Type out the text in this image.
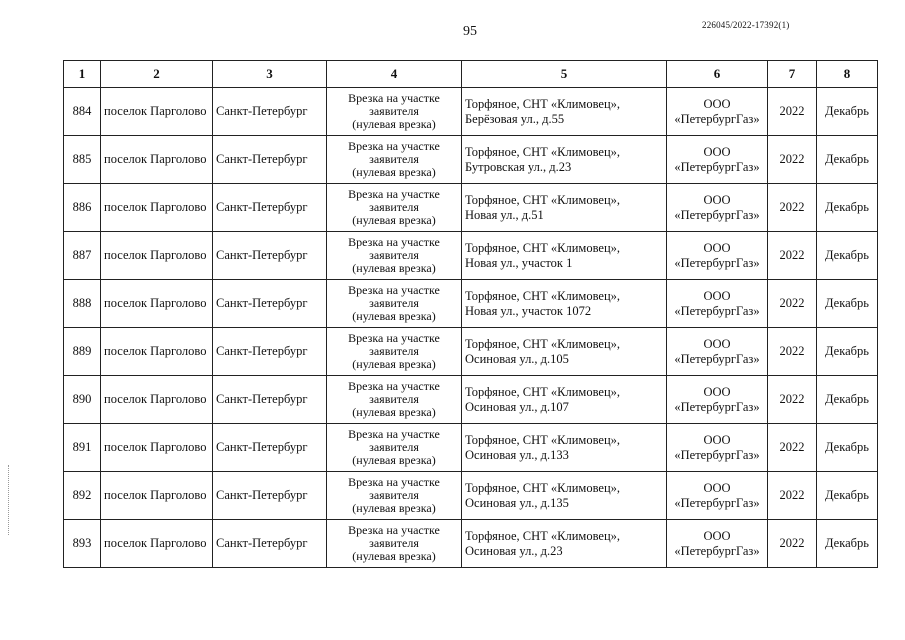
95	226045/2022-17392(1)
1	2	3	4	5	6	7	8
884	поселок Парголово	Санкт-Петербург	Врезка на участке
заявителя
(нулевая врезка)	Торфяное, СНТ «Климовец»,
Берёзовая ул., д.55	ООО
«ПетербургГаз»	2022	Декабрь
885	поселок Парголово	Санкт-Петербург	Врезка на участке
заявителя
(нулевая врезка)	Торфяное, СНТ «Климовец»,
Бутровская ул., д.23	ООО
«ПетербургГаз»	2022	Декабрь
886	поселок Парголово	Санкт-Петербург	Врезка на участке
заявителя
(нулевая врезка)	Торфяное, СНТ «Климовец»,
Новая ул., д.51	ООО
«ПетербургГаз»	2022	Декабрь
887	поселок Парголово	Санкт-Петербург	Врезка на участке
заявителя
(нулевая врезка)	Торфяное, СНТ «Климовец»,
Новая ул., участок 1	ООО
«ПетербургГаз»	2022	Декабрь
888	поселок Парголово	Санкт-Петербург	Врезка на участке
заявителя
(нулевая врезка)	Торфяное, СНТ «Климовец»,
Новая ул., участок 1072	ООО
«ПетербургГаз»	2022	Декабрь
889	поселок Парголово	Санкт-Петербург	Врезка на участке
заявителя
(нулевая врезка)	Торфяное, СНТ «Климовец»,
Осиновая ул., д.105	ООО
«ПетербургГаз»	2022	Декабрь
890	поселок Парголово	Санкт-Петербург	Врезка на участке
заявителя
(нулевая врезка)	Торфяное, СНТ «Климовец»,
Осиновая ул., д.107	ООО
«ПетербургГаз»	2022	Декабрь
891	поселок Парголово	Санкт-Петербург	Врезка на участке
заявителя
(нулевая врезка)	Торфяное, СНТ «Климовец»,
Осиновая ул., д.133	ООО
«ПетербургГаз»	2022	Декабрь
892	поселок Парголово	Санкт-Петербург	Врезка на участке
заявителя
(нулевая врезка)	Торфяное, СНТ «Климовец»,
Осиновая ул., д.135	ООО
«ПетербургГаз»	2022	Декабрь
893	поселок Парголово	Санкт-Петербург	Врезка на участке
заявителя
(нулевая врезка)	Торфяное, СНТ «Климовец»,
Осиновая ул., д.23	ООО
«ПетербургГаз»	2022	Декабрь
